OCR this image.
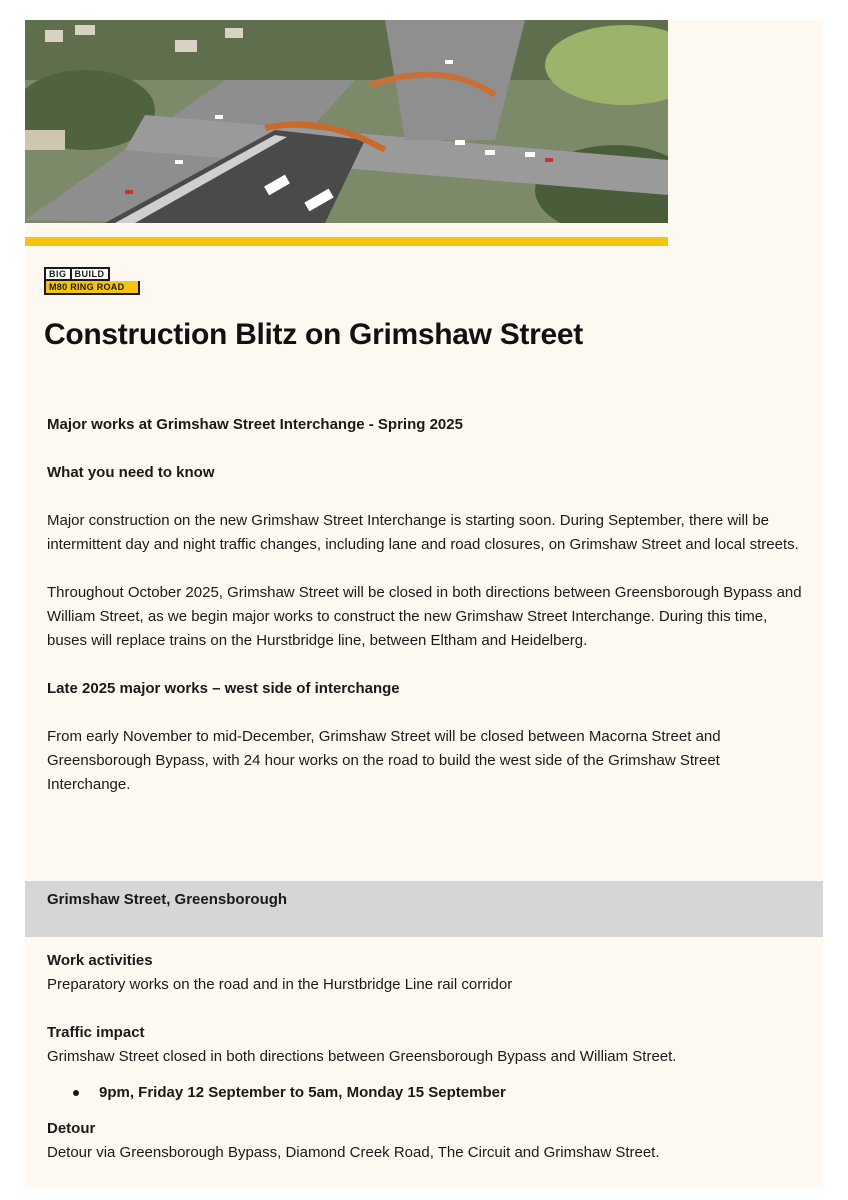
BIG BUILD
M80 RING ROAD
Construction Blitz on Grimshaw Street

Major works at Grimshaw Street Interchange - Spring 2025

What you need to know

Major construction on the new Grimshaw Street Interchange is starting soon. During September, there will be intermittent day and night traffic changes, including lane and road closures, on Grimshaw Street and local streets.

Throughout October 2025, Grimshaw Street will be closed in both directions between Greensborough Bypass and William Street, as we begin major works to construct the new Grimshaw Street Interchange. During this time, buses will replace trains on the Hurstbridge line, between Eltham and Heidelberg.

Late 2025 major works – west side of interchange

From early November to mid-December, Grimshaw Street will be closed between Macorna Street and Greensborough Bypass, with 24 hour works on the road to build the west side of the Grimshaw Street Interchange.

Grimshaw Street, Greensborough

Work activities

Preparatory works on the road and in the Hurstbridge Line rail corridor

Traffic impact

Grimshaw Street closed in both directions between Greensborough Bypass and William Street.

9pm, Friday 12 September to 5am, Monday 15 September

Detour

Detour via Greensborough Bypass, Diamond Creek Road, The Circuit and Grimshaw Street.
